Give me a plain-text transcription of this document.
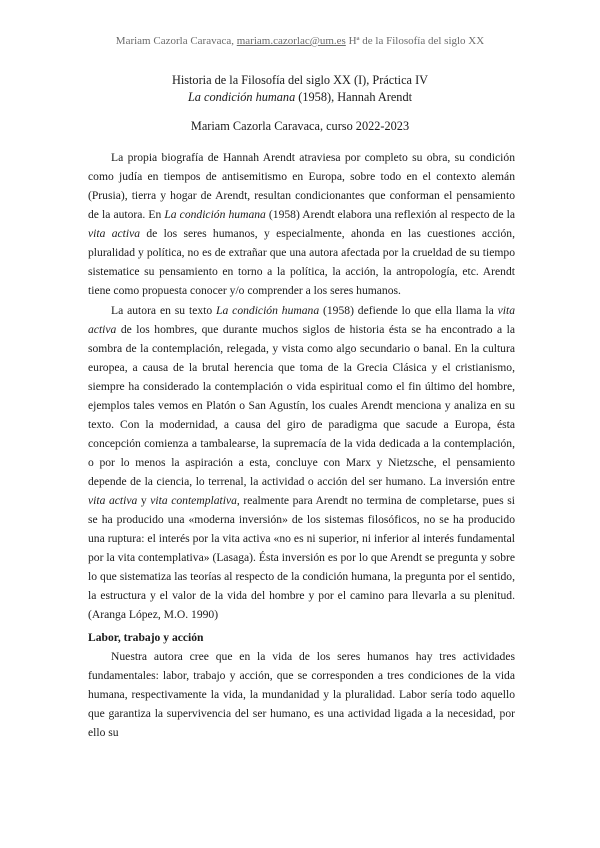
Mariam Cazorla Caravaca, mariam.cazorlac@um.es Hª de la Filosofía del siglo XX
Historia de la Filosofía del siglo XX (I), Práctica IV
La condición humana (1958), Hannah Arendt
Mariam Cazorla Caravaca, curso 2022-2023

La propia biografía de Hannah Arendt atraviesa por completo su obra, su condición como judía en tiempos de antisemitismo en Europa, sobre todo en el contexto alemán (Prusia), tierra y hogar de Arendt, resultan condicionantes que conforman el pensamiento de la autora. En La condición humana (1958) Arendt elabora una reflexión al respecto de la vita activa de los seres humanos, y especialmente, ahonda en las cuestiones acción, pluralidad y política, no es de extrañar que una autora afectada por la crueldad de su tiempo sistematice su pensamiento en torno a la política, la acción, la antropología, etc. Arendt tiene como propuesta conocer y/o comprender a los seres humanos.

La autora en su texto La condición humana (1958) defiende lo que ella llama la vita activa de los hombres, que durante muchos siglos de historia ésta se ha encontrado a la sombra de la contemplación, relegada, y vista como algo secundario o banal. En la cultura europea, a causa de la brutal herencia que toma de la Grecia Clásica y el cristianismo, siempre ha considerado la contemplación o vida espiritual como el fin último del hombre, ejemplos tales vemos en Platón o San Agustín, los cuales Arendt menciona y analiza en su texto. Con la modernidad, a causa del giro de paradigma que sacude a Europa, ésta concepción comienza a tambalearse, la supremacía de la vida dedicada a la contemplación, o por lo menos la aspiración a esta, concluye con Marx y Nietzsche, el pensamiento depende de la ciencia, lo terrenal, la actividad o acción del ser humano. La inversión entre vita activa y vita contemplativa, realmente para Arendt no termina de completarse, pues si se ha producido una «moderna inversión» de los sistemas filosóficos, no se ha producido una ruptura: el interés por la vita activa «no es ni superior, ni inferior al interés fundamental por la vita contemplativa» (Lasaga). Ésta inversión es por lo que Arendt se pregunta y sobre lo que sistematiza las teorías al respecto de la condición humana, la pregunta por el sentido, la estructura y el valor de la vida del hombre y por el camino para llevarla a su plenitud. (Aranga López, M.O. 1990)

Labor, trabajo y acción

Nuestra autora cree que en la vida de los seres humanos hay tres actividades fundamentales: labor, trabajo y acción, que se corresponden a tres condiciones de la vida humana, respectivamente la vida, la mundanidad y la pluralidad. Labor sería todo aquello que garantiza la supervivencia del ser humano, es una actividad ligada a la necesidad, por ello su
